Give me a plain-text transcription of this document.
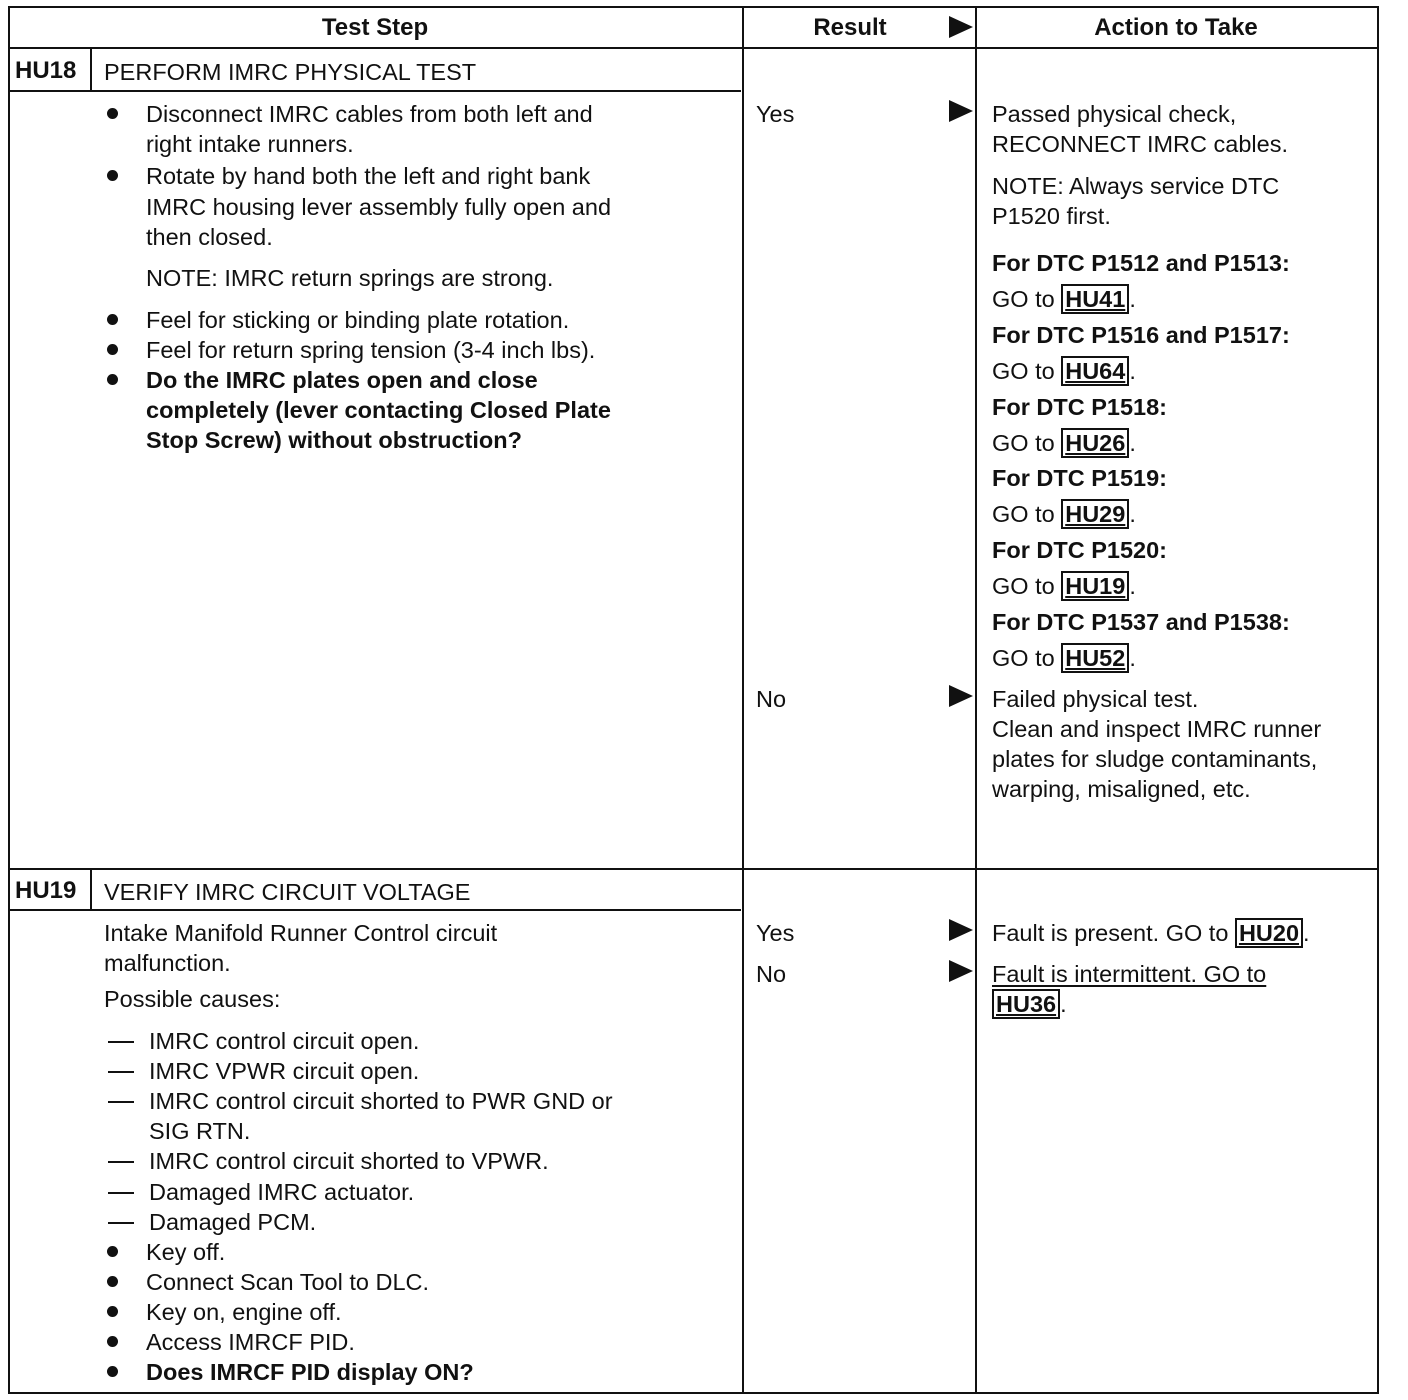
Test Step	Result	Action to Take
HU18 PERFORM IMRC PHYSICAL TEST
Disconnect IMRC cables from both left and
right intake runners.
Rotate by hand both the left and right bank
IMRC housing lever assembly fully open and
then closed.
NOTE: IMRC return springs are strong.
Feel for sticking or binding plate rotation.
Feel for return spring tension (3-4 inch lbs).
Do the IMRC plates open and close
completely (lever contacting Closed Plate
Stop Screw) without obstruction?
Yes
No
Passed physical check,
RECONNECT IMRC cables.
NOTE: Always service DTC
P1520 first.
For DTC P1512 and P1513:
GO to HU41 .
For DTC P1516 and P1517:
GO to HU64 .
For DTC P1518:
GO to HU26 .
For DTC P1519:
GO to HU29 .
For DTC P1520:
GO to HU19 .
For DTC P1537 and P1538:
GO to HU52 .
Failed physical test.
Clean and inspect IMRC runner
plates for sludge contaminants,
warping, misaligned, etc.
HU19 VERIFY IMRC CIRCUIT VOLTAGE
Intake Manifold Runner Control circuit
malfunction.
Possible causes:
IMRC control circuit open.
IMRC VPWR circuit open.
IMRC control circuit shorted to PWR GND or
SIG RTN.
IMRC control circuit shorted to VPWR.
Damaged IMRC actuator.
Damaged PCM.
Key off.
Connect Scan Tool to DLC.
Key on, engine off.
Access IMRCF PID.
Does IMRCF PID display ON?
Yes
No
Fault is present. GO to HU20 .
Fault is intermittent. GO to
HU36 .
